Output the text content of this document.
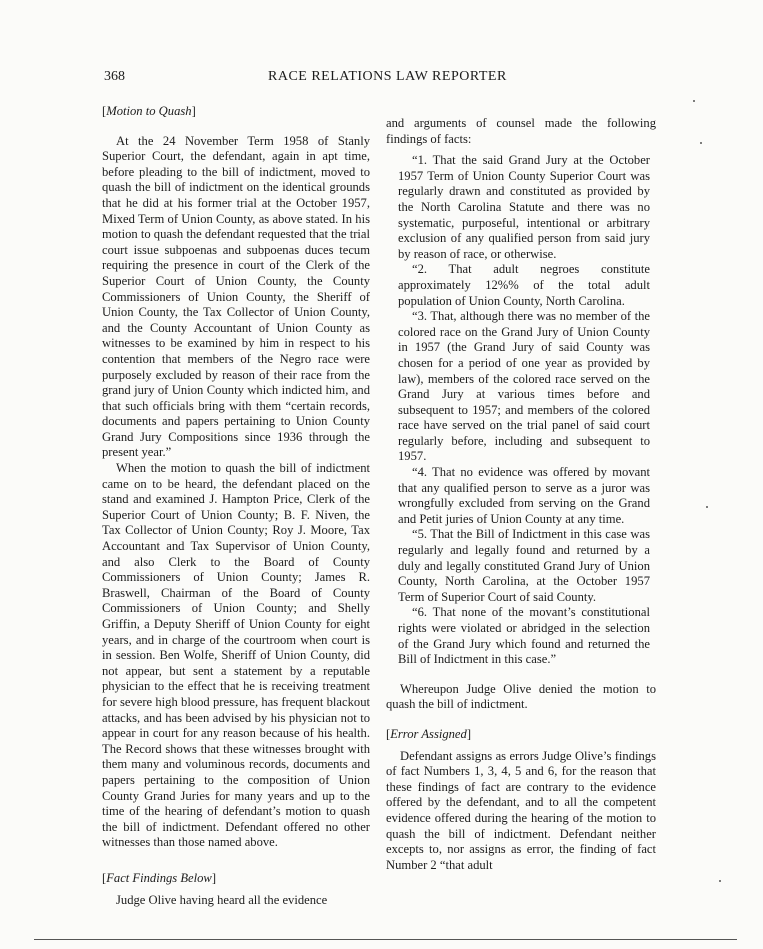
368	RACE RELATIONS LAW REPORTER

[Motion to Quash]

At the 24 November Term 1958 of Stanly Superior Court, the defendant, again in apt time, before pleading to the bill of indictment, moved to quash the bill of indictment on the identical grounds that he did at his former trial at the October 1957, Mixed Term of Union County, as above stated. In his motion to quash the defendant requested that the trial court issue subpoenas and subpoenas duces tecum requiring the presence in court of the Clerk of the Superior Court of Union County, the County Commissioners of Union County, the Sheriff of Union County, the Tax Collector of Union County, and the County Accountant of Union County as witnesses to be examined by him in respect to his contention that members of the Negro race were purposely excluded by reason of their race from the grand jury of Union County which indicted him, and that such officials bring with them “certain records, documents and papers pertaining to Union County Grand Jury Compositions since 1936 through the present year.”

When the motion to quash the bill of indictment came on to be heard, the defendant placed on the stand and examined J. Hampton Price, Clerk of the Superior Court of Union County; B. F. Niven, the Tax Collector of Union County; Roy J. Moore, Tax Accountant and Tax Supervisor of Union County, and also Clerk to the Board of County Commissioners of Union County; James R. Braswell, Chairman of the Board of County Commissioners of Union County; and Shelly Griffin, a Deputy Sheriff of Union County for eight years, and in charge of the courtroom when court is in session. Ben Wolfe, Sheriff of Union County, did not appear, but sent a statement by a reputable physician to the effect that he is receiving treatment for severe high blood pressure, has frequent blackout attacks, and has been advised by his physician not to appear in court for any reason because of his health. The Record shows that these witnesses brought with them many and voluminous records, documents and papers pertaining to the composition of Union County Grand Juries for many years and up to the time of the hearing of defendant’s motion to quash the bill of indictment. Defendant offered no other witnesses than those named above.

[Fact Findings Below]

Judge Olive having heard all the evidence

and arguments of counsel made the following findings of facts:

“1. That the said Grand Jury at the October 1957 Term of Union County Superior Court was regularly drawn and constituted as provided by the North Carolina Statute and there was no systematic, purposeful, intentional or arbitrary exclusion of any qualified person from said jury by reason of race, or otherwise.

“2. That adult negroes constitute approximately 12%% of the total adult population of Union County, North Carolina.

“3. That, although there was no member of the colored race on the Grand Jury of Union County in 1957 (the Grand Jury of said County was chosen for a period of one year as provided by law), members of the colored race served on the Grand Jury at various times before and subsequent to 1957; and members of the colored race have served on the trial panel of said court regularly before, including and subsequent to 1957.

“4. That no evidence was offered by movant that any qualified person to serve as a juror was wrongfully excluded from serving on the Grand and Petit juries of Union County at any time.

“5. That the Bill of Indictment in this case was regularly and legally found and returned by a duly and legally constituted Grand Jury of Union County, North Carolina, at the October 1957 Term of Superior Court of said County.

“6. That none of the movant’s constitutional rights were violated or abridged in the selection of the Grand Jury which found and returned the Bill of Indictment in this case.”

Whereupon Judge Olive denied the motion to quash the bill of indictment.

[Error Assigned]

Defendant assigns as errors Judge Olive’s findings of fact Numbers 1, 3, 4, 5 and 6, for the reason that these findings of fact are contrary to the evidence offered by the defendant, and to all the competent evidence offered during the hearing of the motion to quash the bill of indictment. Defendant neither excepts to, nor assigns as error, the finding of fact Number 2 “that adult
